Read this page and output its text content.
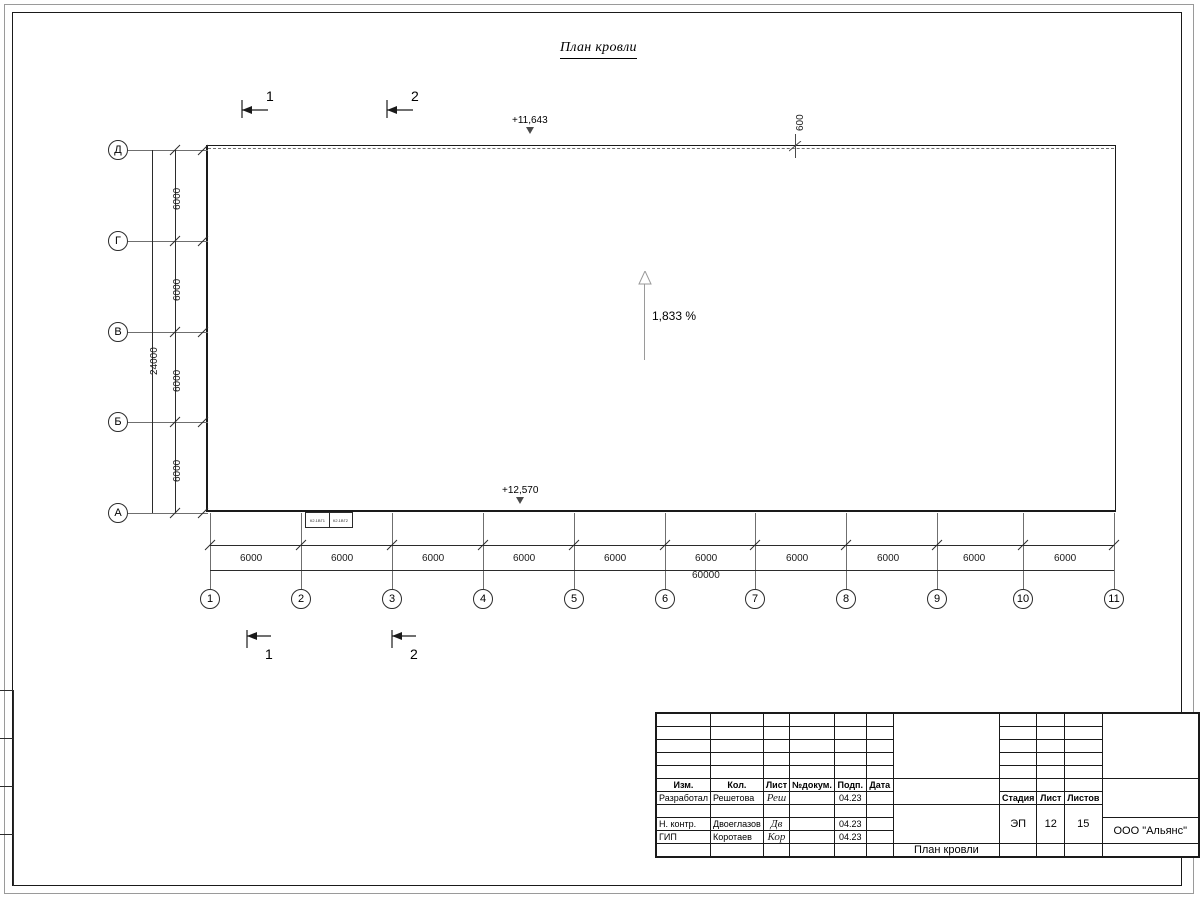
План кровли
1,833 %
+11,643
+12,570
600
К2.1ВГ1 К2.1ВГ2
Д
Г
В
Б
А
6000
6000
6000
6000
24000
1	2	3	4	5	6	7	8	9	10	11
6000	6000	6000	6000	6000	6000	6000	6000	6000	6000
60000
1	2
1	2

Изм.	Кол.	Лист	№докум.	Подп.	Дата					
Разработал	Решетова	Реш		04.23			Стадия	Лист	Листов	
							ЭП	12	15	
Н. контр.	Двоеглазов	Дв		04.23						ООО "Альянс"
ГИП	Коротаев	Кор		04.23						
						План кровли				
